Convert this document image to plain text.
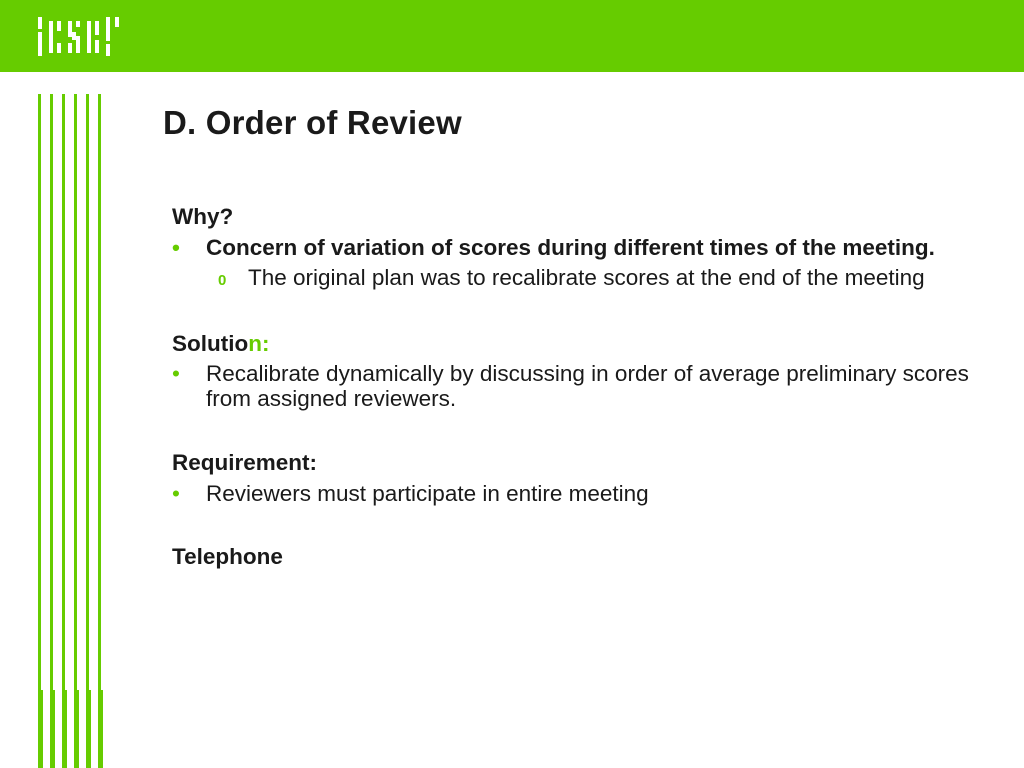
D. Order of Review
Why?
• Concern of variation of scores during different times of the meeting.
0 The original plan was to recalibrate scores at the end of the meeting
Solution:
• Recalibrate dynamically by discussing in order of average preliminary scores from assigned reviewers.
Requirement:
• Reviewers must participate in entire meeting
Telephone
